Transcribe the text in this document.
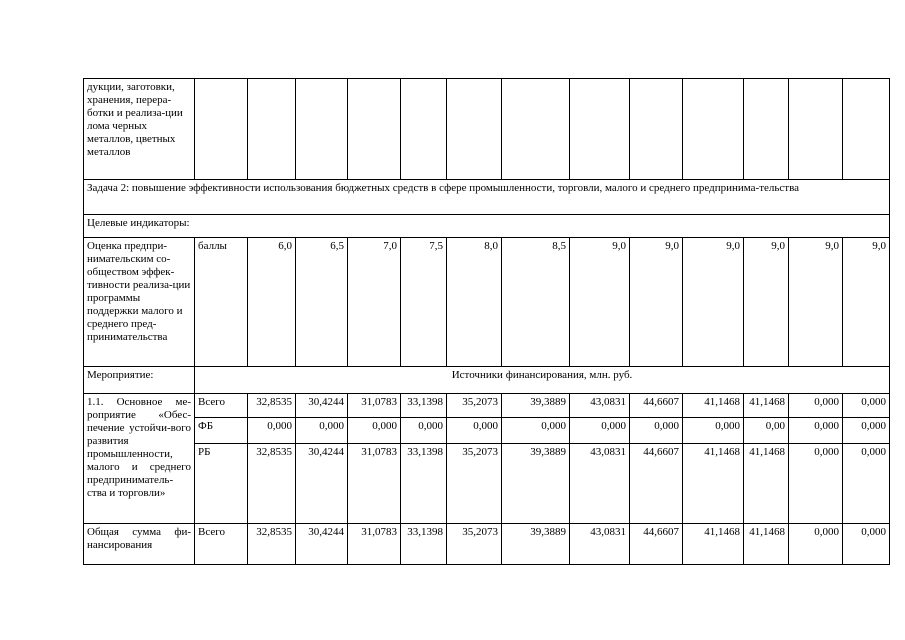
дукции, заготовки, хранения, перера-ботки и реализа-ции лома черных металлов, цветных металлов													
Задача 2: повышение эффективности использования бюджетных средств в сфере промышленности, торговли, малого и среднего предпринима-тельства													
Целевые индикаторы:													
Оценка предпри-нимательским со-обществом эффек-тивности реализа-ции программы поддержки малого и среднего пред-принимательства	баллы	6,0	6,5	7,0	7,5	8,0	8,5	9,0	9,0	9,0	9,0	9,0	9,0
Мероприятие:	Источники финансирования, млн. руб.												
1.1. Основное ме-роприятие «Обес-печение устойчи-вого развития промышленности, малого и среднего предприниматель-ства и торговли»	Всего	32,8535	30,4244	31,0783	33,1398	35,2073	39,3889	43,0831	44,6607	41,1468	41,1468	0,000	0,000
	ФБ	0,000	0,000	0,000	0,000	0,000	0,000	0,000	0,000	0,000	0,00	0,000	0,000
	РБ	32,8535	30,4244	31,0783	33,1398	35,2073	39,3889	43,0831	44,6607	41,1468	41,1468	0,000	0,000
Общая сумма фи-нансирования	Всего	32,8535	30,4244	31,0783	33,1398	35,2073	39,3889	43,0831	44,6607	41,1468	41,1468	0,000	0,000
